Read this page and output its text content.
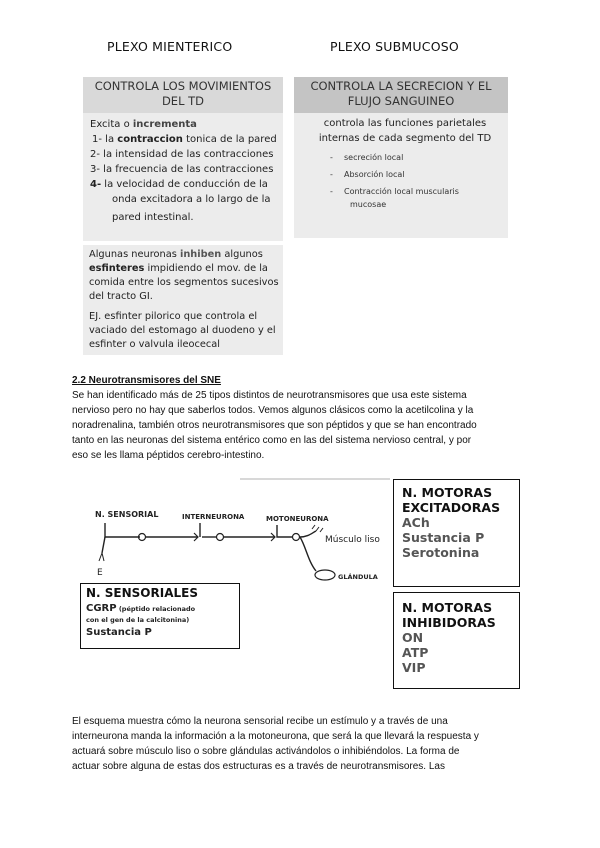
PLEXO MIENTERICO	PLEXO SUBMUCOSO
CONTROLA LOS MOVIMIENTOS
DEL TD
Excita o incrementa
1- la contraccion tonica de la pared
2- la intensidad de las contracciones
3- la frecuencia de las contracciones
4- la velocidad de conducción de la
onda excitadora a lo largo de la
pared intestinal.
Algunas neuronas inhiben algunos
esfinteres impidiendo el mov. de la
comida entre los segmentos sucesivos
del tracto GI.
EJ. esfinter pilorico que controla el
vaciado del estomago al duodeno y el
esfinter o valvula ileocecal
CONTROLA LA SECRECION Y EL
FLUJO SANGUINEO
controla las funciones parietales
internas de cada segmento del TD
- secreción local
- Absorción local
- Contracción local muscularis
mucosae
2.2 Neurotransmisores del SNE
Se han identificado más de 25 tipos distintos de neurotransmisores que usa este sistema
nervioso pero no hay que saberlos todos. Vemos algunos clásicos como la acetilcolina y la
noradrenalina, también otros neurotransmisores que son péptidos y que se han encontrado
tanto en las neuronas del sistema entérico como en las del sistema nervioso central, y por
eso se les llama péptidos cerebro-intestino.
N. SENSORIAL	INTERNEURONA	MOTONEURONA
Músculo liso
GLÁNDULA
E
N. SENSORIALES
CGRP (péptido relacionado
con el gen de la calcitonina)
Sustancia P
N. MOTORAS
EXCITADORAS
ACh
Sustancia P
Serotonina
N. MOTORAS
INHIBIDORAS
ON
ATP
VIP
El esquema muestra cómo la neurona sensorial recibe un estímulo y a través de una
interneurona manda la información a la motoneurona, que será la que llevará la respuesta y
actuará sobre músculo liso o sobre glándulas activándolos o inhibiéndolos. La forma de
actuar sobre alguna de estas dos estructuras es a través de neurotransmisores. Las
